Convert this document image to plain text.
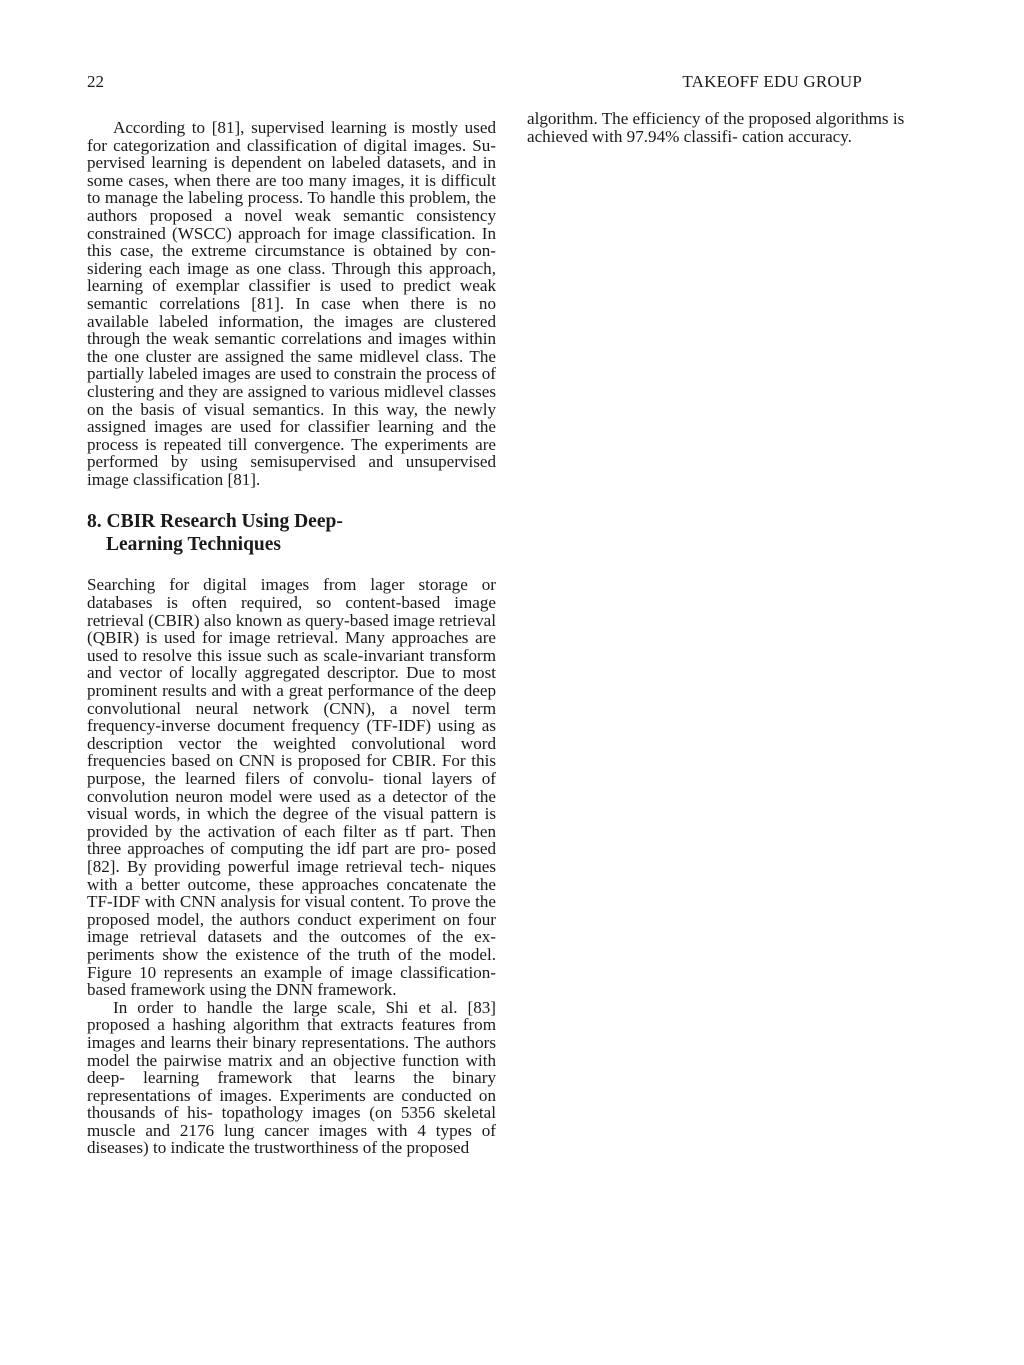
22	TAKEOFF EDU GROUP

According to [81], supervised learning is mostly used for categorization and classification of digital images. Su- pervised learning is dependent on labeled datasets, and in some cases, when there are too many images, it is difficult to manage the labeling process. To handle this problem, the authors proposed a novel weak semantic consistency constrained (WSCC) approach for image classification. In this case, the extreme circumstance is obtained by con- sidering each image as one class. Through this approach, learning of exemplar classifier is used to predict weak semantic correlations [81]. In case when there is no available labeled information, the images are clustered through the weak semantic correlations and images within the one cluster are assigned the same midlevel class. The partially labeled images are used to constrain the process of clustering and they are assigned to various midlevel classes on the basis of visual semantics. In this way, the newly assigned images are used for classifier learning and the process is repeated till convergence. The experiments are performed by using semisupervised and unsupervised image classification [81].

8. CBIR Research Using Deep-
Learning Techniques

Searching for digital images from lager storage or databases is often required, so content-based image retrieval (CBIR) also known as query-based image retrieval (QBIR) is used for image retrieval. Many approaches are used to resolve this issue such as scale-invariant transform and vector of locally aggregated descriptor. Due to most prominent results and with a great performance of the deep convolutional neural network (CNN), a novel term frequency-inverse document frequency (TF-IDF) using as description vector the weighted convolutional word frequencies based on CNN is proposed for CBIR. For this purpose, the learned filers of convolu- tional layers of convolution neuron model were used as a detector of the visual words, in which the degree of the visual pattern is provided by the activation of each filter as tf part. Then three approaches of computing the idf part are pro- posed [82]. By providing powerful image retrieval tech- niques with a better outcome, these approaches concatenate the TF-IDF with CNN analysis for visual content. To prove the proposed model, the authors conduct experiment on four image retrieval datasets and the outcomes of the ex- periments show the existence of the truth of the model. Figure 10 represents an example of image classification- based framework using the DNN framework.

In order to handle the large scale, Shi et al. [83] proposed a hashing algorithm that extracts features from images and learns their binary representations. The authors model the pairwise matrix and an objective function with deep- learning framework that learns the binary representations of images. Experiments are conducted on thousands of his- topathology images (on 5356 skeletal muscle and 2176 lung cancer images with 4 types of diseases) to indicate the trustworthiness of the proposed

algorithm. The efficiency of the proposed algorithms is achieved with 97.94% classifi- cation accuracy.
